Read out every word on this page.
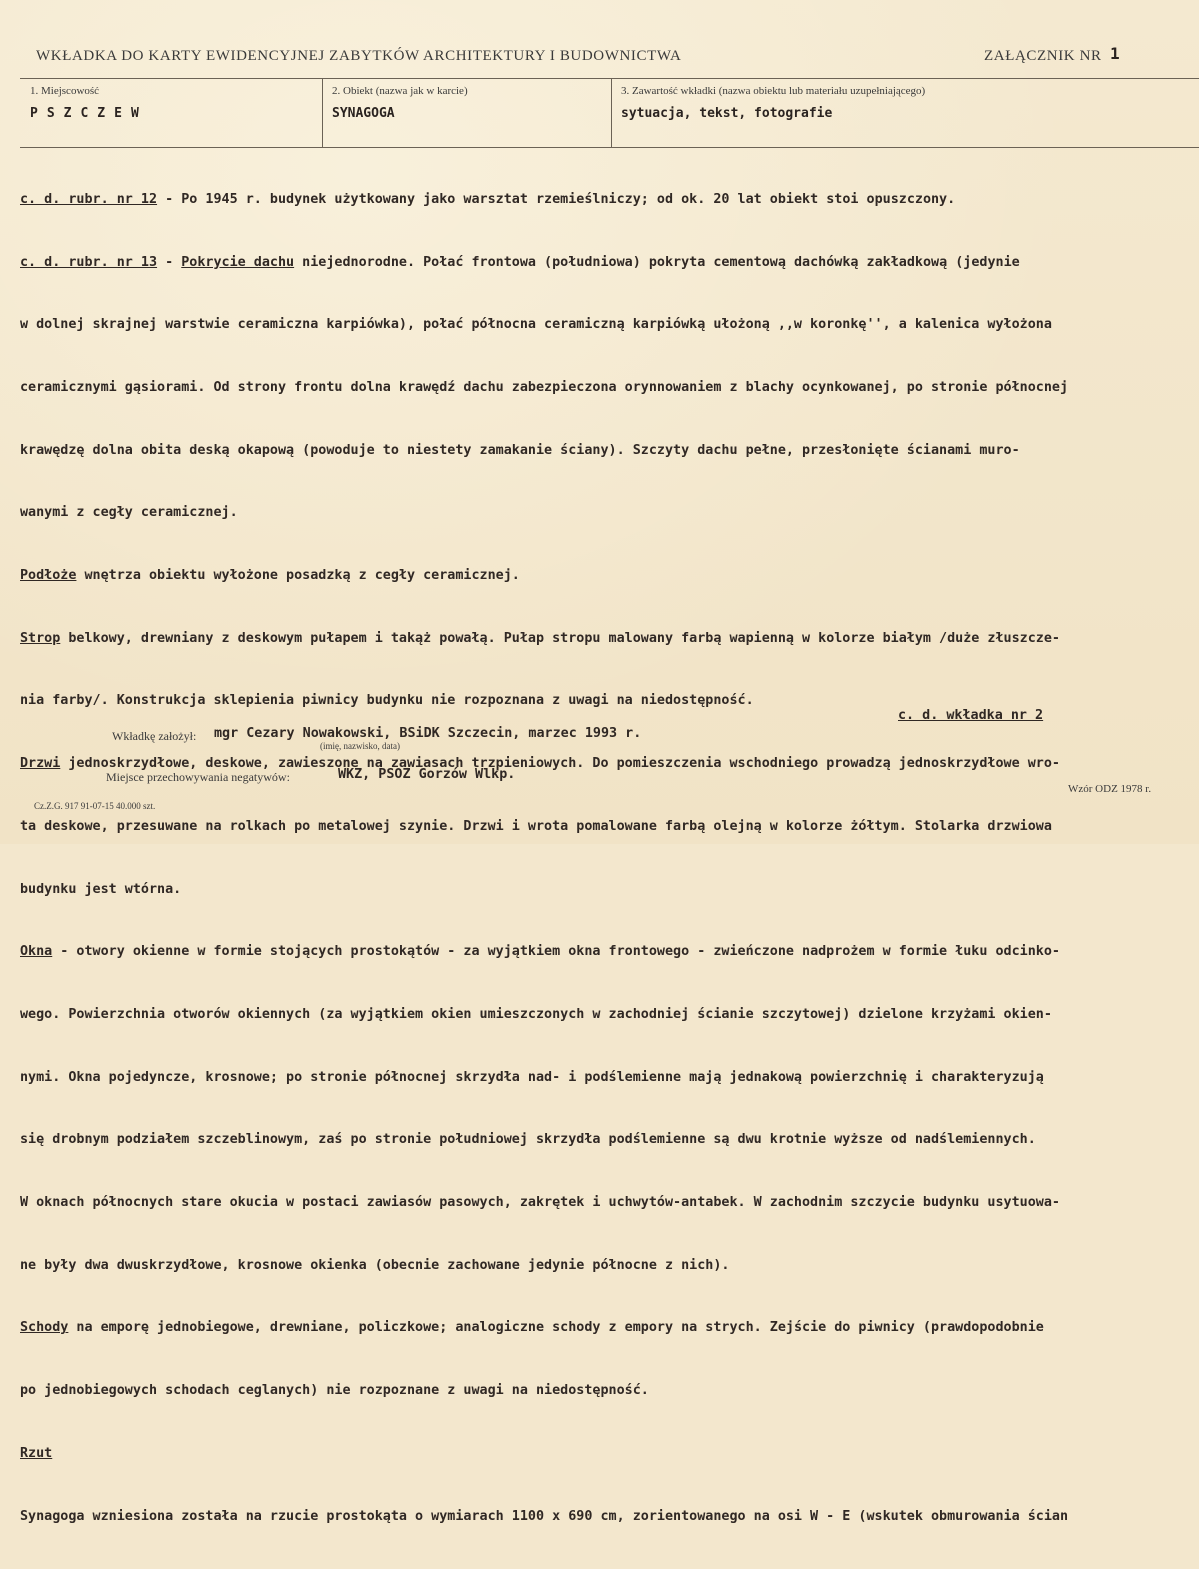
WKŁADKA DO KARTY EWIDENCYJNEJ ZABYTKÓW ARCHITEKTURY I BUDOWNICTWA	ZAŁĄCZNIK NR 1
1. Miejscowość
PSZCZEW
2. Obiekt (nazwa jak w karcie)
SYNAGOGA
3. Zawartość wkładki (nazwa obiektu lub materiału uzupełniającego)
sytuacja, tekst, fotografie

c. d. rubr. nr 12 - Po 1945 r. budynek użytkowany jako warsztat rzemieślniczy; od ok. 20 lat obiekt stoi opuszczony.

c. d. rubr. nr 13 - Pokrycie dachu niejednorodne. Połać frontowa (południowa) pokryta cementową dachówką zakładkową (jedynie

w dolnej skrajnej warstwie ceramiczna karpiówka), połać północna ceramiczną karpiówką ułożoną ,,w koronkę'', a kalenica wyłożona

ceramicznymi gąsiorami. Od strony frontu dolna krawędź dachu zabezpieczona orynnowaniem z blachy ocynkowanej, po stronie północnej

krawędzę dolna obita deską okapową (powoduje to niestety zamakanie ściany). Szczyty dachu pełne, przesłonięte ścianami muro-

wanymi z cegły ceramicznej.

Podłoże wnętrza obiektu wyłożone posadzką z cegły ceramicznej.

Strop belkowy, drewniany z deskowym pułapem i takąż powałą. Pułap stropu malowany farbą wapienną w kolorze białym /duże złuszcze-

nia farby/. Konstrukcja sklepienia piwnicy budynku nie rozpoznana z uwagi na niedostępność.

Drzwi jednoskrzydłowe, deskowe, zawieszone na zawiasach trzpieniowych. Do pomieszczenia wschodniego prowadzą jednoskrzydłowe wro-

ta deskowe, przesuwane na rolkach po metalowej szynie. Drzwi i wrota pomalowane farbą olejną w kolorze żółtym. Stolarka drzwiowa

budynku jest wtórna.

Okna - otwory okienne w formie stojących prostokątów - za wyjątkiem okna frontowego - zwieńczone nadprożem w formie łuku odcinko-

wego. Powierzchnia otworów okiennych (za wyjątkiem okien umieszczonych w zachodniej ścianie szczytowej) dzielone krzyżami okien-

nymi. Okna pojedyncze, krosnowe; po stronie północnej skrzydła nad- i podślemienne mają jednakową powierzchnię i charakteryzują

się drobnym podziałem szczeblinowym, zaś po stronie południowej skrzydła podślemienne są dwu krotnie wyższe od nadślemiennych.

W oknach północnych stare okucia w postaci zawiasów pasowych, zakrętek i uchwytów-antabek. W zachodnim szczycie budynku usytuowa-

ne były dwa dwuskrzydłowe, krosnowe okienka (obecnie zachowane jedynie północne z nich).

Schody na emporę jednobiegowe, drewniane, policzkowe; analogiczne schody z empory na strych. Zejście do piwnicy (prawdopodobnie

po jednobiegowych schodach ceglanych) nie rozpoznane z uwagi na niedostępność.

Rzut

Synagoga wzniesiona została na rzucie prostokąta o wymiarach 1100 x 690 cm, zorientowanego na osi W - E (wskutek obmurowania ścian

c. d. wkładka nr 2
Wkładkę założył: mgr Cezary Nowakowski, BSiDK Szczecin, marzec 1993 r.
(imię, nazwisko, data)
Miejsce przechowywania negatywów:	WKZ, PSOZ Gorzów Wlkp.
Cz.Z.G. 917 91-07-15 40.000 szt.
Wzór ODZ 1978 r.
